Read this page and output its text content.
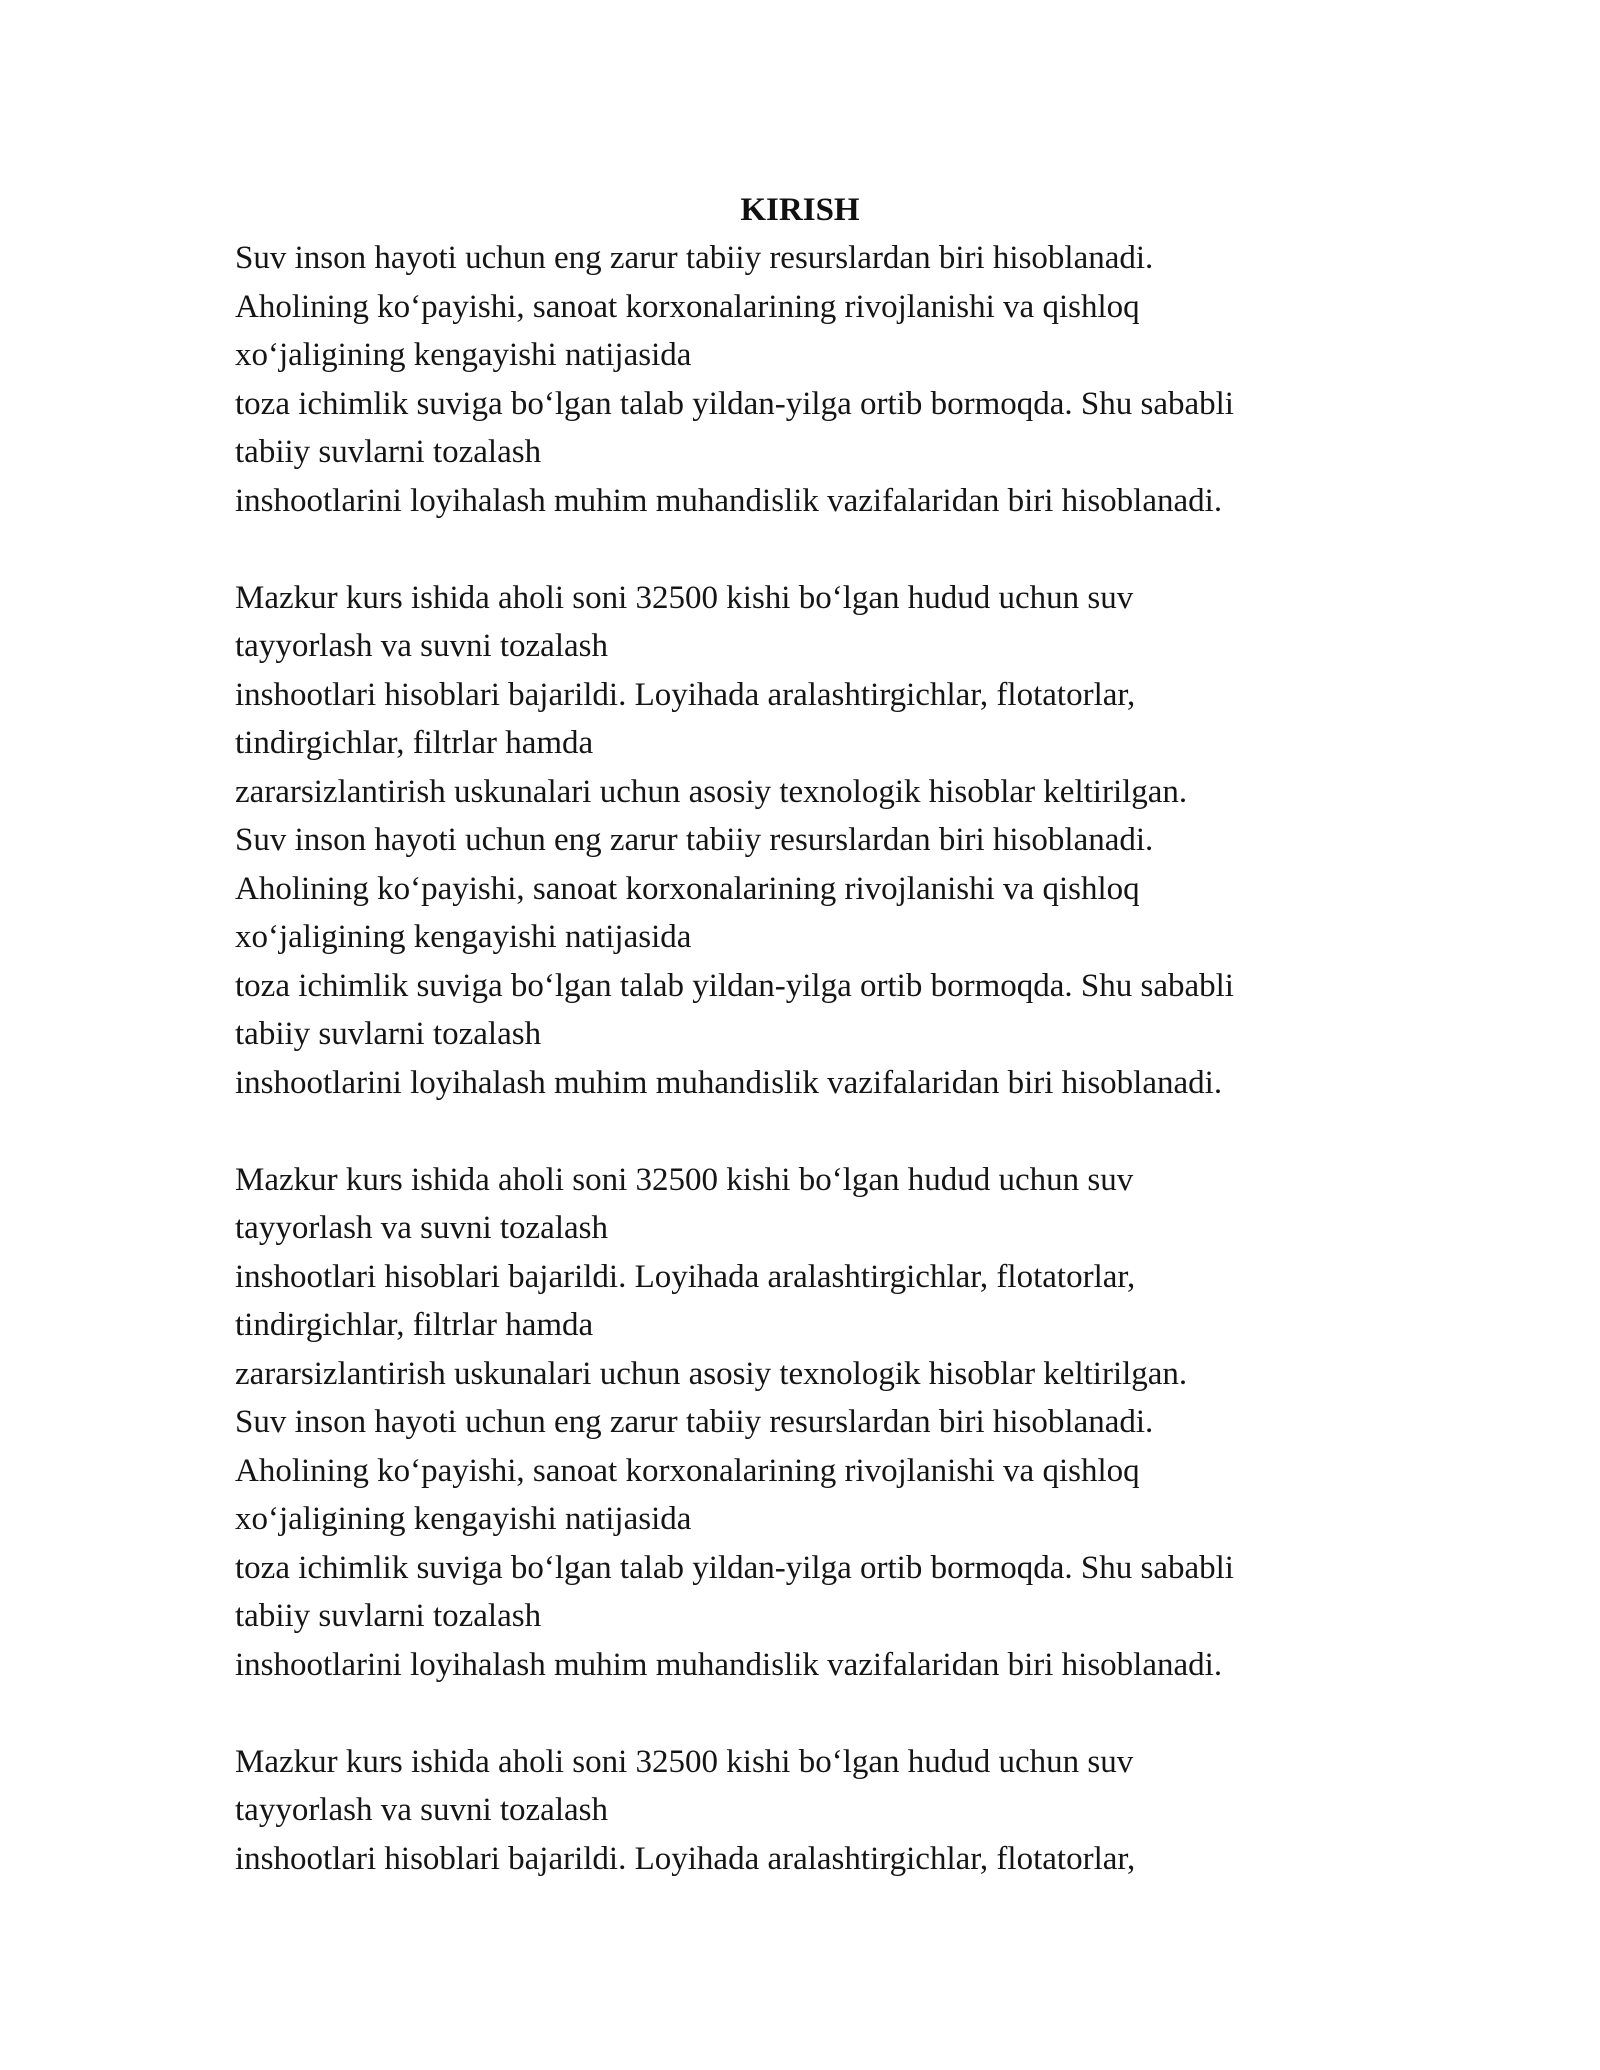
KIRISH
Suv inson hayoti uchun eng zarur tabiiy resurslardan biri hisoblanadi.
Aholining koʻpayishi, sanoat korxonalarining rivojlanishi va qishloq
xoʻjaligining kengayishi natijasida
toza ichimlik suviga boʻlgan talab yildan-yilga ortib bormoqda. Shu sababli
tabiiy suvlarni tozalash
inshootlarini loyihalash muhim muhandislik vazifalaridan biri hisoblanadi.
Mazkur kurs ishida aholi soni 32500 kishi boʻlgan hudud uchun suv
tayyorlash va suvni tozalash
inshootlari hisoblari bajarildi. Loyihada aralashtirgichlar, flotatorlar,
tindirgichlar, filtrlar hamda
zararsizlantirish uskunalari uchun asosiy texnologik hisoblar keltirilgan.
Suv inson hayoti uchun eng zarur tabiiy resurslardan biri hisoblanadi.
Aholining koʻpayishi, sanoat korxonalarining rivojlanishi va qishloq
xoʻjaligining kengayishi natijasida
toza ichimlik suviga boʻlgan talab yildan-yilga ortib bormoqda. Shu sababli
tabiiy suvlarni tozalash
inshootlarini loyihalash muhim muhandislik vazifalaridan biri hisoblanadi.
Mazkur kurs ishida aholi soni 32500 kishi boʻlgan hudud uchun suv
tayyorlash va suvni tozalash
inshootlari hisoblari bajarildi. Loyihada aralashtirgichlar, flotatorlar,
tindirgichlar, filtrlar hamda
zararsizlantirish uskunalari uchun asosiy texnologik hisoblar keltirilgan.
Suv inson hayoti uchun eng zarur tabiiy resurslardan biri hisoblanadi.
Aholining koʻpayishi, sanoat korxonalarining rivojlanishi va qishloq
xoʻjaligining kengayishi natijasida
toza ichimlik suviga boʻlgan talab yildan-yilga ortib bormoqda. Shu sababli
tabiiy suvlarni tozalash
inshootlarini loyihalash muhim muhandislik vazifalaridan biri hisoblanadi.
Mazkur kurs ishida aholi soni 32500 kishi boʻlgan hudud uchun suv
tayyorlash va suvni tozalash
inshootlari hisoblari bajarildi. Loyihada aralashtirgichlar, flotatorlar,
